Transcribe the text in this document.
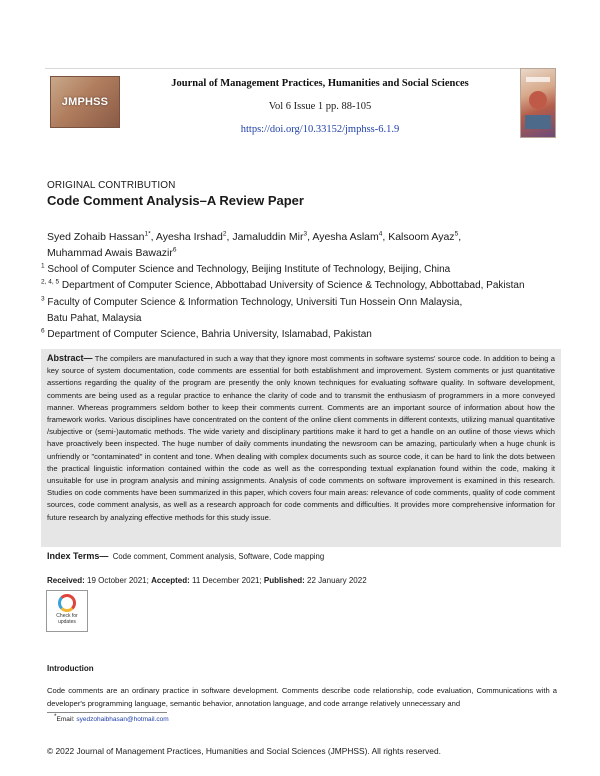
JMPHSS
Journal of Management Practices, Humanities and Social Sciences
Vol 6 Issue 1 pp. 88-105
https://doi.org/10.33152/jmphss-6.1.9
ORIGINAL CONTRIBUTION
Code Comment Analysis–A Review Paper
Syed Zohaib Hassan$^{1*}$, Ayesha Irshad$^2$, Jamaluddin Mir$^3$, Ayesha Aslam$^4$, Kalsoom Ayaz$^5$,
Muhammad Awais Bawazir$^6$
$^1$ School of Computer Science and Technology, Beijing Institute of Technology, Beijing, China
$^{2, 4, 5}$ Department of Computer Science, Abbottabad University of Science & Technology, Abbottabad, Pakistan
$^3$ Faculty of Computer Science & Information Technology, Universiti Tun Hossein Onn Malaysia,
Batu Pahat, Malaysia
$^6$ Department of Computer Science, Bahria University, Islamabad, Pakistan
Abstract— The compilers are manufactured in such a way that they ignore most comments in software systems' source code. In addition to being a key source of system documentation, code comments are essential for both establishment and improvement. System comments or just quantitative assertions regarding the quality of the program are presently the only known techniques for evaluating software quality. In software development, comments are being used as a regular practice to enhance the clarity of code and to transmit the enthusiasm of programmers in a more conveyed manner. Whereas programmers seldom bother to keep their comments current. Comments are an important source of information about how the framework works. Various disciplines have concentrated on the content of the online client comments in different contexts, utilizing manual quantitative /subjective or (semi-)automatic methods. The wide variety and disciplinary partitions make it hard to get a handle on an outline of those views which have proactively been inspected. The huge number of daily comments inundating the newsroom can be amazing, particularly when a huge chunk is unfriendly or "contaminated" in content and tone. When dealing with complex documents such as source code, it can be hard to link the dots between the practical linguistic information contained within the code as well as the corresponding textual explanation found within the code, making it unsuitable for use in program analysis and mining assignments. Analysis of code comments on software improvement is examined in this research. Studies on code comments have been summarized in this paper, which covers four main areas: relevance of code comments, quality of code comment sources, code comment analysis, as well as a research approach for code comments and difficulties. It provides more comprehensive information for future research by analyzing effective methods for this study issue.
Index Terms— Code comment, Comment analysis, Software, Code mapping
Received: 19 October 2021; Accepted: 11 December 2021; Published: 22 January 2022
Check for
updates
Introduction
Code comments are an ordinary practice in software development. Comments describe code relationship, code evaluation, Communications with a developer's programming language, semantic behavior, annotation language, and code arrange relatively unnecessary and
*Email: syedzohaibhasan@hotmail.com
© 2022 Journal of Management Practices, Humanities and Social Sciences (JMPHSS). All rights reserved.
